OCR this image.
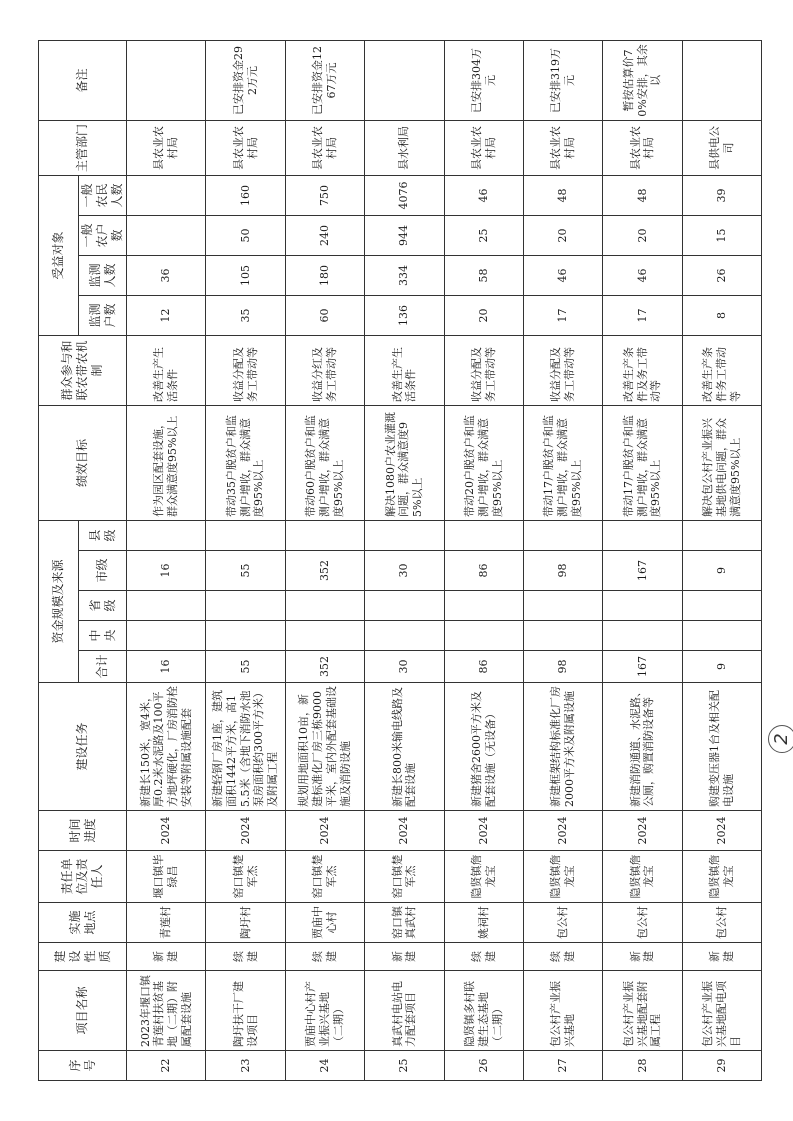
序号	项目名称	建设性质	实施地点	责任单位及责任人	时间进度	建设任务	资金规模及来源					绩效目标	群众参与和联农带农机制	受益对象				主管部门	备注
							合计	中央	省级	市级	县级			监测户数	监测人数	一般农户数	一般农民人数		
22	2023年堰口镇青莲村扶贫基地（二期）附属配套设施	新建	青莲村	堰口镇毕绿昌	2024	新建长150米，宽4米，厚0.2米水泥路及100平方地坪硬化，厂房消防栓安装等附属设施配套	16			16		作为园区配套设施，群众满意度95%以上	改善生产生活条件	12	36			县农业农村局	
23	陶圩扶干厂建设项目	续建	陶圩村	窑口镇楚军杰	2024	新建轻钢厂房1座，建筑面积1442平方米，高15.5米（含地下消防水池泵房面积约300平方米）及附属工程	55			55		带动35户脱贫户和监测户增收，群众满意度95%以上	收益分配及务工带动等	35	105	50	160	县农业农村局	已安排资金292万元
24	贾庙中心村产业振兴基地（二期）	续建	贾庙中心村	窑口镇楚军杰	2024	规划用地面积10亩，新建标准化厂房三栋9000平米，室内外配套基础设施及消防设施	352			352		带动60户脱贫户和监测户增收，群众满意度95%以上	收益分红及务工带动等	60	180	240	750	县农业农村局	已安排资金1267万元
25	真武村电站电力配套项目	新建	窑口镇真武村	窑口镇楚军杰	2024	新建长800米输电线路及配套设施	30			30		解决1080户农业灌溉问题，群众满意度95%以上	改善生产生活条件	136	334	944	4076	县水利局	
26	隐贤镇多村联建生态基地（二期）	续建	姚祠村	隐贤镇詹龙宝	2024	新建猪舍2600平方米及配套设施（无设备）	86			86		带动20户脱贫户和监测户增收，群众满意度95%以上	收益分配及务工带动等	20	58	25	46	县农业农村局	已安排304万元
27	包公村产业振兴基地	续建	包公村	隐贤镇詹龙宝	2024	新建框架结构标准化厂房2000平方米及附属设施	98			98		带动17户脱贫户和监测户增收，群众满意度95%以上	收益分配及务工带动等	17	46	20	48	县农业农村局	已安排319万元
28	包公村产业振兴基地配套附属工程	新建	包公村	隐贤镇詹龙宝	2024	新建消防通道、水泥路、公厕，购置消防设备等	167			167		带动17户脱贫户和监测户增收，群众满意度95%以上	改善生产条件及务工带动等	17	46	20	48	县农业农村局	暂按估算价70%安排，其余以
29	包公村产业振兴基地配电项目	新建	包公村	隐贤镇詹龙宝	2024	购建变压器1台及相关配电设施	9			9		解决包公村产业振兴基地供电问题，群众满意度95%以上	改善生产条件务工带动等	8	26	15	39	县供电公司	
2
